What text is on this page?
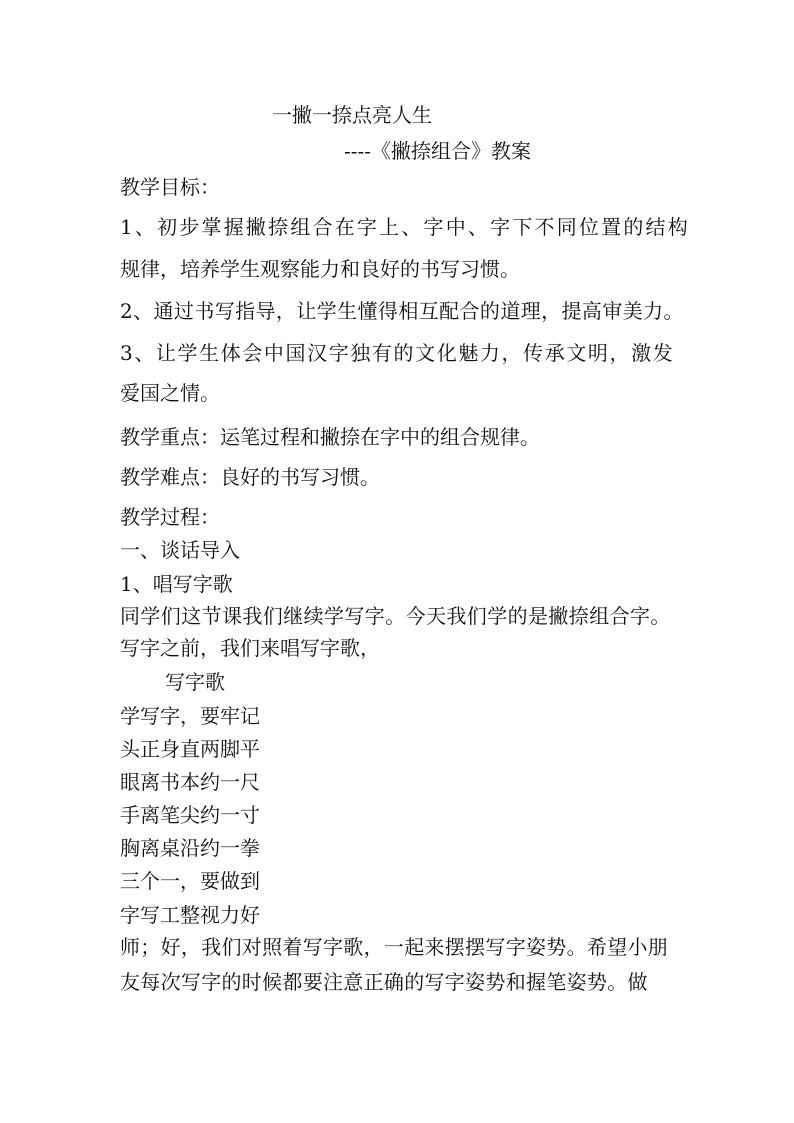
一撇一捺点亮人生
----《撇捺组合》教案
教学目标：
1、初步掌握撇捺组合在字上、字中、字下不同位置的结构
规律，培养学生观察能力和良好的书写习惯。
2、通过书写指导，让学生懂得相互配合的道理，提高审美力。
3、让学生体会中国汉字独有的文化魅力，传承文明，激发
爱国之情。
教学重点：运笔过程和撇捺在字中的组合规律。
教学难点：良好的书写习惯。
教学过程：
一、谈话导入
1、唱写字歌
同学们这节课我们继续学写字。今天我们学的是撇捺组合字。
写字之前，我们来唱写字歌，
写字歌
学写字，要牢记
头正身直两脚平
眼离书本约一尺
手离笔尖约一寸
胸离桌沿约一拳
三个一，要做到
字写工整视力好
师；好，我们对照着写字歌，一起来摆摆写字姿势。希望小朋
友每次写字的时候都要注意正确的写字姿势和握笔姿势。做
